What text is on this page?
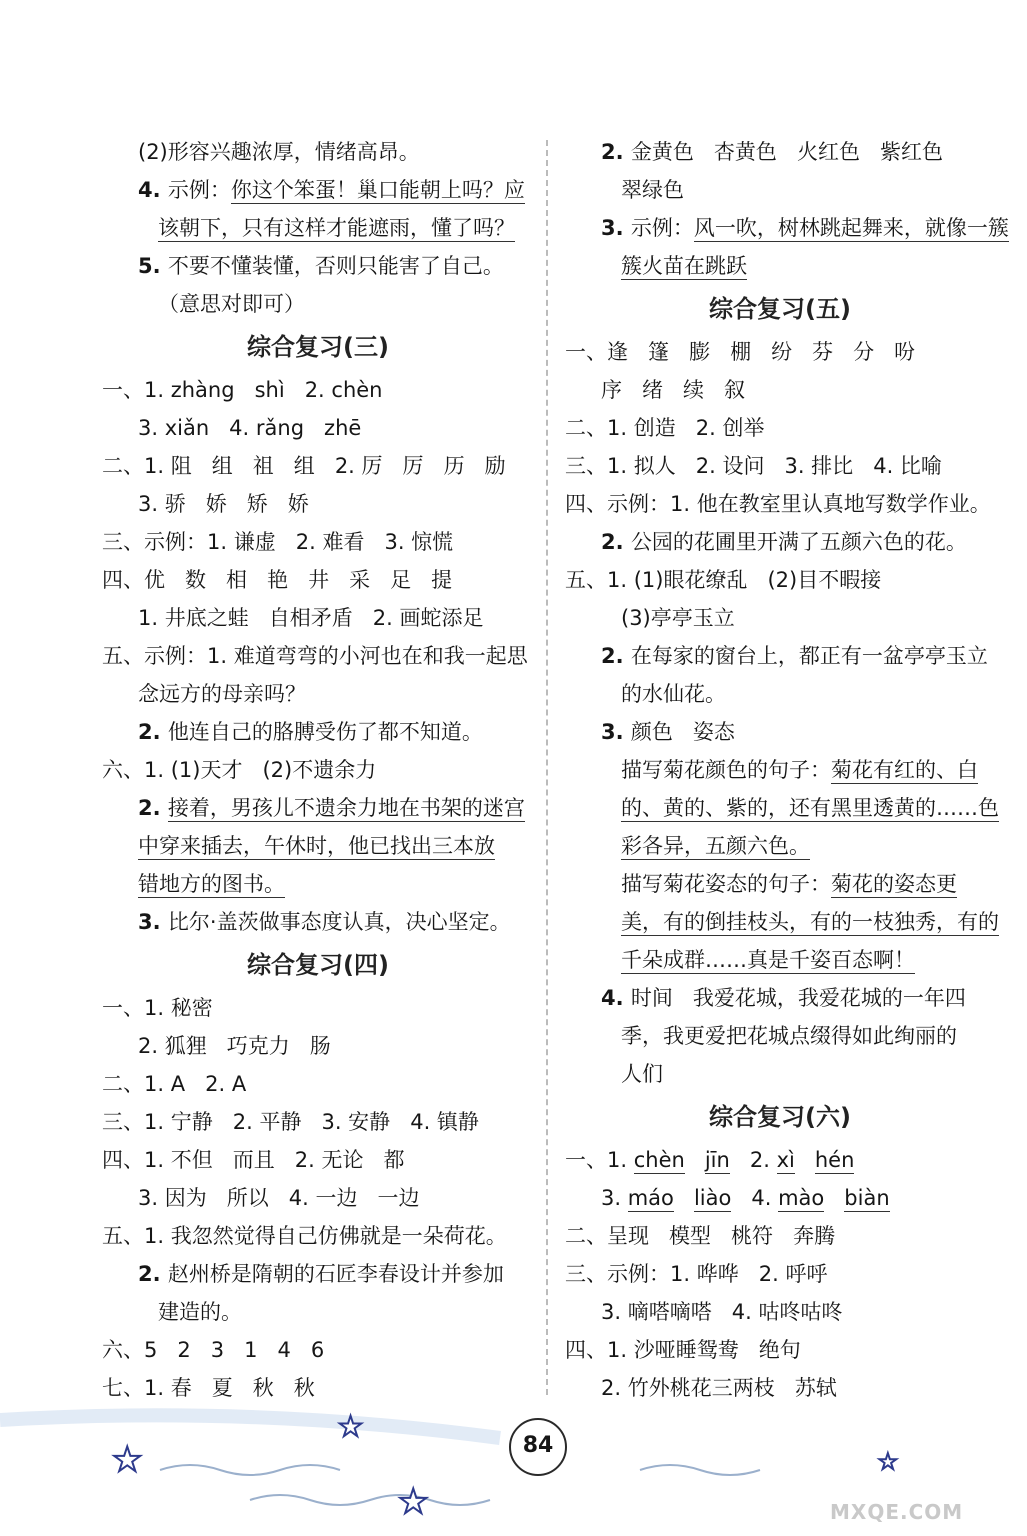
(2)形容兴趣浓厚，情绪高昂。
4. 示例：你这个笨蛋！巢口能朝上吗？应
该朝下，只有这样才能遮雨，懂了吗？
5. 不要不懂装懂，否则只能害了自己。
（意思对即可）
综合复习(三)
一、1. zhàng   shì   2. chèn
3. xiǎn   4. rǎng   zhē
二、1. 阻   组   祖   组   2. 厉   厉   历   励
3. 骄   娇   矫   娇
三、示例：1. 谦虚   2. 难看   3. 惊慌
四、优   数   相   艳   井   采   足   提
1. 井底之蛙   自相矛盾   2. 画蛇添足
五、示例：1. 难道弯弯的小河也在和我一起思
念远方的母亲吗？
2. 他连自己的胳膊受伤了都不知道。
六、1. (1)天才   (2)不遗余力
2. 接着，男孩儿不遗余力地在书架的迷宫
中穿来插去，午休时，他已找出三本放
错地方的图书。
3. 比尔·盖茨做事态度认真，决心坚定。
综合复习(四)
一、1. 秘密
2. 狐狸   巧克力   肠
二、1. A   2. A
三、1. 宁静   2. 平静   3. 安静   4. 镇静
四、1. 不但   而且   2. 无论   都
3. 因为   所以   4. 一边   一边
五、1. 我忽然觉得自己仿佛就是一朵荷花。
2. 赵州桥是隋朝的石匠李春设计并参加
建造的。
六、5   2   3   1   4   6
七、1. 春   夏   秋   秋
2. 金黄色   杏黄色   火红色   紫红色
翠绿色
3. 示例：风一吹，树林跳起舞来，就像一簇
簇火苗在跳跃
综合复习(五)
一、逢   篷   膨   棚   纷   芬   分   吩
序   绪   续   叙
二、1. 创造   2. 创举
三、1. 拟人   2. 设问   3. 排比   4. 比喻
四、示例：1. 他在教室里认真地写数学作业。
2. 公园的花圃里开满了五颜六色的花。
五、1. (1)眼花缭乱   (2)目不暇接
(3)亭亭玉立
2. 在每家的窗台上，都正有一盆亭亭玉立
的水仙花。
3. 颜色   姿态
描写菊花颜色的句子：菊花有红的、白
的、黄的、紫的，还有黑里透黄的……色
彩各异，五颜六色。
描写菊花姿态的句子：菊花的姿态更
美，有的倒挂枝头，有的一枝独秀，有的
千朵成群……真是千姿百态啊！
4. 时间   我爱花城，我爱花城的一年四
季，我更爱把花城点缀得如此绚丽的
人们
综合复习(六)
一、1. chèn jīn   2. xì hén
3. máo liào   4. mào biàn
二、呈现   模型   桃符   奔腾
三、示例：1. 哗哗   2. 呼呼
3. 嘀嗒嘀嗒   4. 咕咚咕咚
四、1. 沙哑睡鸳鸯   绝句
2. 竹外桃花三两枝   苏轼
★
★
★
★
84
MXQE.COM
